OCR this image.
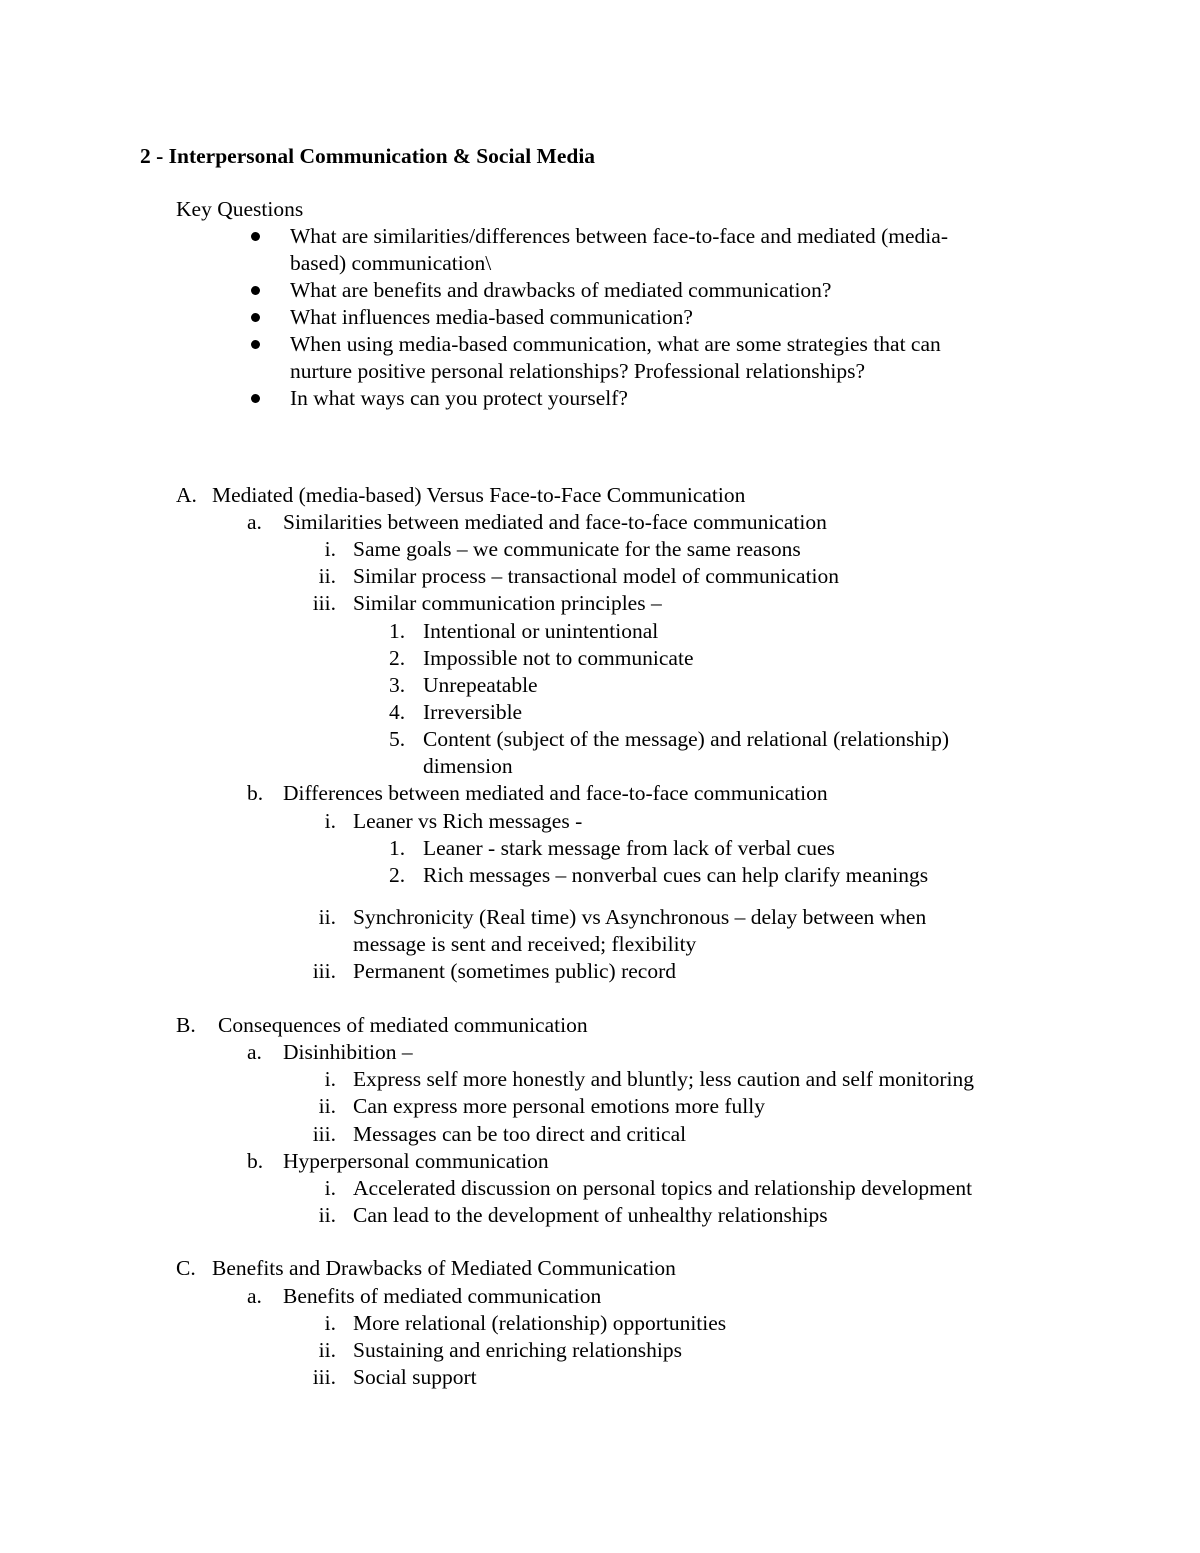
2 - Interpersonal Communication & Social Media
Key Questions
What are similarities/differences between face-to-face and mediated (media-
based) communication\
What are benefits and drawbacks of mediated communication?
What influences media-based communication?
When using media-based communication, what are some strategies that can
nurture positive personal relationships? Professional relationships?
In what ways can you protect yourself?
A. Mediated (media-based) Versus Face-to-Face Communication
a. Similarities between mediated and face-to-face communication
i. Same goals – we communicate for the same reasons
ii. Similar process – transactional model of communication
iii. Similar communication principles –
1. Intentional or unintentional
2. Impossible not to communicate
3. Unrepeatable
4. Irreversible
5. Content (subject of the message) and relational (relationship)
dimension
b. Differences between mediated and face-to-face communication
i. Leaner vs Rich messages -
1. Leaner - stark message from lack of verbal cues
2. Rich messages – nonverbal cues can help clarify meanings
ii. Synchronicity (Real time) vs Asynchronous – delay between when
message is sent and received; flexibility
iii. Permanent (sometimes public) record
B. Consequences of mediated communication
a. Disinhibition –
i. Express self more honestly and bluntly; less caution and self monitoring
ii. Can express more personal emotions more fully
iii. Messages can be too direct and critical
b. Hyperpersonal communication
i. Accelerated discussion on personal topics and relationship development
ii. Can lead to the development of unhealthy relationships
C. Benefits and Drawbacks of Mediated Communication
a. Benefits of mediated communication
i. More relational (relationship) opportunities
ii. Sustaining and enriching relationships
iii. Social support
